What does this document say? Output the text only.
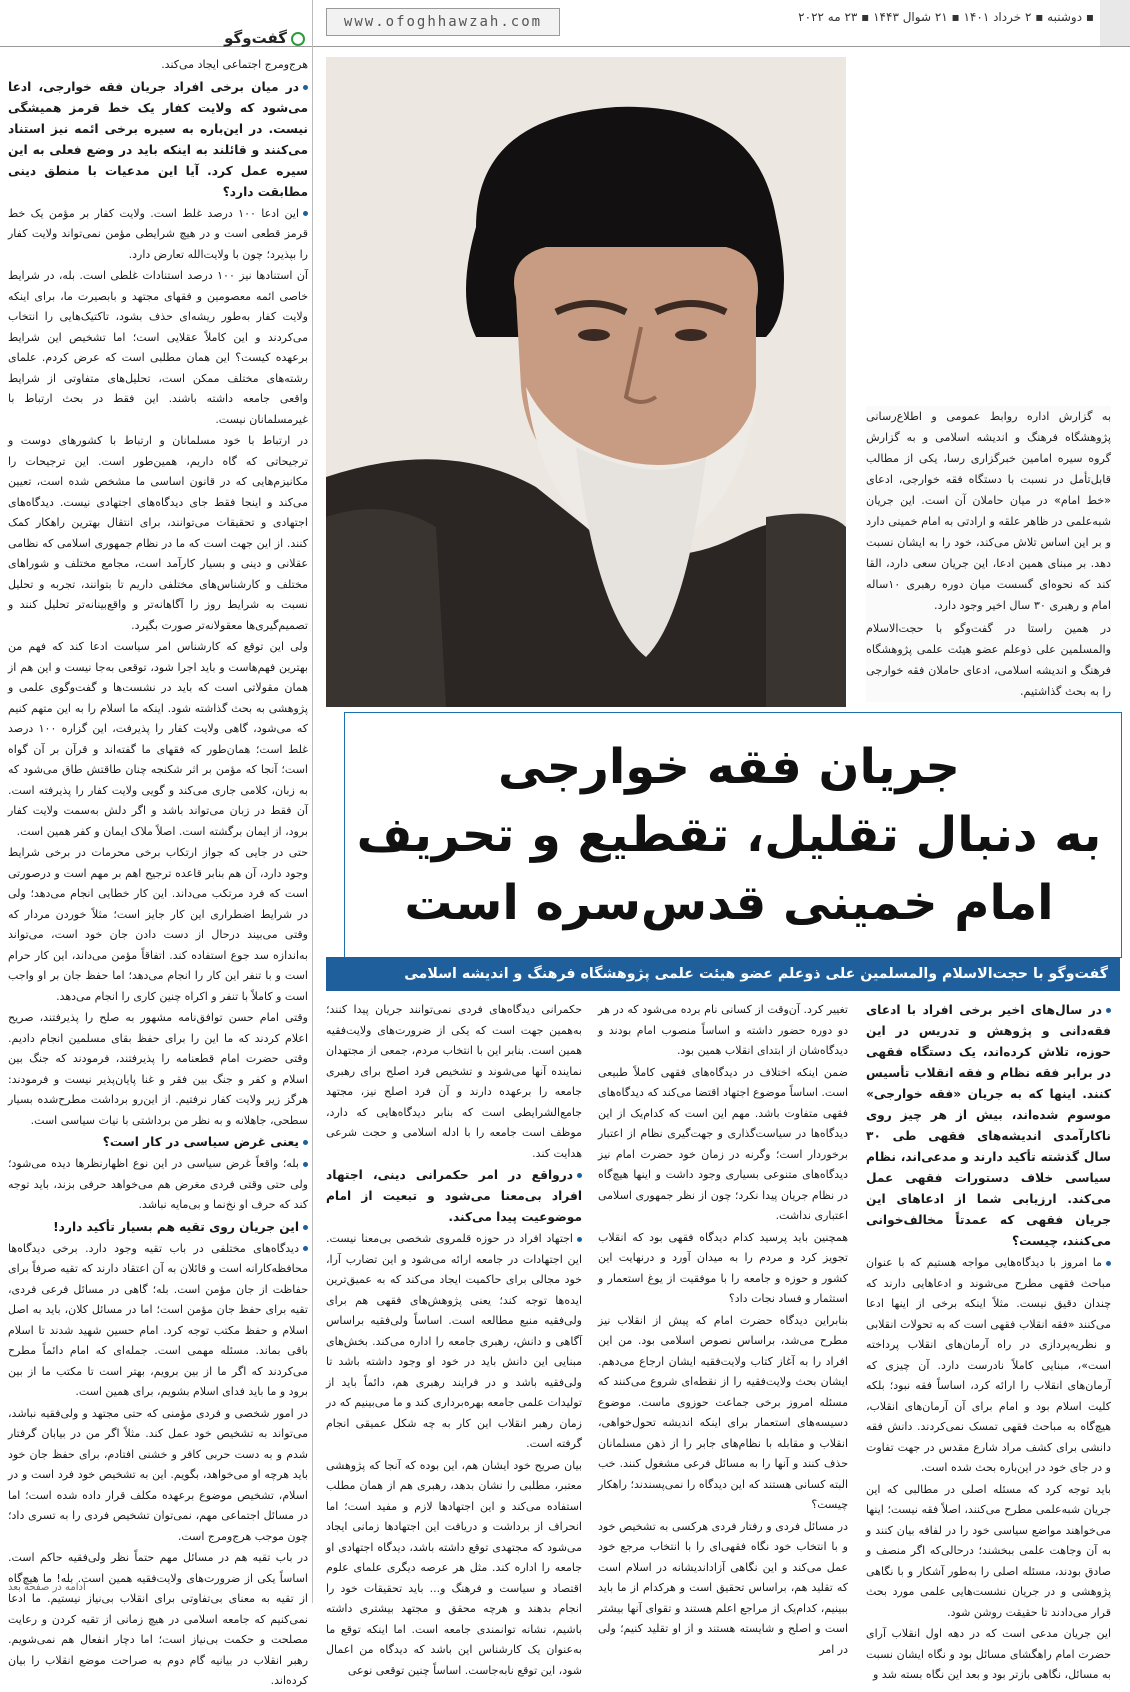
www.ofoghhawzah.com	▪ دوشنبه ▪ ۲ خرداد ۱۴۰۱ ▪ ۲۱ شوال ۱۴۴۳ ▪ ۲۳ مه ۲۰۲۲
گفت‌وگو

به گزارش اداره روابط عمومی و اطلاع‌رسانی پژوهشگاه فرهنگ و اندیشه اسلامی و به گزارش گروه سیره امامین خبرگزاری رسا، یکی از مطالب قابل‌تأمل در نسبت با دستگاه فقه خوارجی، ادعای «خط امام» در میان حاملان آن است. این جریان شبه‌علمی در ظاهر علقه و ارادتی به امام خمینی دارد و بر این اساس تلاش می‌کند، خود را به ایشان نسبت دهد. بر مبنای همین ادعا، این جریان سعی دارد، القا کند که نحوه‌ای گسست میان دوره رهبری ۱۰ساله امام و رهبری ۳۰ سال اخیر وجود دارد.

در همین راستا در گفت‌وگو با حجت‌الاسلام والمسلمین علی ذوعلم عضو هیئت علمی پژوهشگاه فرهنگ و اندیشه اسلامی، ادعای حاملان فقه خوارجی را به بحث گذاشتیم.

جریان فقه خوارجی
به دنبال تقلیل، تقطیع و تحریف
امام خمینی قدس‌سره است
گفت‌وگو با حجت‌الاسلام والمسلمین علی ذوعلم عضو هیئت علمی پژوهشگاه فرهنگ و اندیشه اسلامی

هرج‌ومرج اجتماعی ایجاد می‌کند.

در میان برخی افراد جریان فقه خوارجی، ادعا می‌شود که ولایت کفار یک خط قرمز همیشگی نیست. در این‌باره به سیره برخی ائمه نیز استناد می‌کنند و قائلند به اینکه باید در وضع فعلی به این سیره عمل کرد. آیا این مدعیات با منطق دینی مطابقت دارد؟

این ادعا ۱۰۰ درصد غلط است. ولایت کفار بر مؤمن یک خط قرمز قطعی است و در هیچ شرایطی مؤمن نمی‌تواند ولایت کفار را بپذیرد؛ چون با ولایت‌الله تعارض دارد.

آن استنادها نیز ۱۰۰ درصد استنادات غلطی است. بله، در شرایط خاصی ائمه معصومین و فقهای مجتهد و بابصیرت ما، برای اینکه ولایت کفار به‌طور ریشه‌ای حذف بشود، تاکتیک‌هایی را انتخاب می‌کردند و این کاملاً عقلایی است؛ اما تشخیص این شرایط برعهده کیست؟ این همان مطلبی است که عرض کردم. علمای رشته‌های مختلف ممکن است، تحلیل‌های متفاوتی از شرایط واقعی جامعه داشته باشند. این فقط در بحث ارتباط با غیرمسلمانان نیست.

در ارتباط با خود مسلمانان و ارتباط با کشورهای دوست و ترجیحاتی که گاه داریم، همین‌طور است. این ترجیحات را مکانیزم‌هایی که در قانون اساسی ما مشخص شده است، تعیین می‌کند و اینجا فقط جای دیدگاه‌های اجتهادی نیست. دیدگاه‌های اجتهادی و تحقیقات می‌توانند، برای انتقال بهترین راهکار کمک کنند. از این جهت است که ما در نظام جمهوری اسلامی که نظامی عقلانی و دینی و بسیار کارآمد است، مجامع مختلف و شوراهای مختلف و کارشناس‌های مختلفی داریم تا بتوانند، تجربه و تحلیل نسبت به شرایط روز را آگاهانه‌تر و واقع‌بینانه‌تر تحلیل کنند و تصمیم‌گیری‌ها معقولانه‌تر صورت بگیرد.

ولی این توقع که کارشناس امر سیاست ادعا کند که فهم من بهترین فهم‌هاست و باید اجرا شود، توقعی به‌جا نیست و این هم از همان مقولاتی است که باید در نشست‌ها و گفت‌وگوی علمی و پژوهشی به بحث گذاشته شود. اینکه ما اسلام را به این متهم کنیم که می‌شود، گاهی ولایت کفار را پذیرفت، این گزاره ۱۰۰ درصد غلط است؛ همان‌طور که فقهای ما گفته‌اند و قرآن بر آن گواه است؛ آنجا که مؤمن بر اثر شکنجه چنان طاقتش طاق می‌شود که به زبان، کلامی جاری می‌کند و گویی ولایت کفار را پذیرفته است. آن فقط در زبان می‌تواند باشد و اگر دلش به‌سمت ولایت کفار برود، از ایمان برگشته است. اصلاً ملاک ایمان و کفر همین است.

حتی در جایی که جواز ارتکاب برخی محرمات در برخی شرایط وجود دارد، آن هم بنابر قاعده ترجیح اهم بر مهم است و درصورتی است که فرد مرتکب می‌داند. این کار خطایی انجام می‌دهد؛ ولی در شرایط اضطراری این کار جایز است؛ مثلاً خوردن مردار که وقتی می‌بیند درحال از دست دادن جان خود است، می‌تواند به‌اندازه سد جوع استفاده کند. اتفاقاً مؤمن می‌داند، این کار حرام است و با تنفر این کار را انجام می‌دهد؛ اما حفظ جان بر او واجب است و کاملاً با تنفر و اکراه چنین کاری را انجام می‌دهد.

وقتی امام حسن توافق‌نامه مشهور به صلح را پذیرفتند، صریح اعلام کردند که ما این را برای حفظ بقای مسلمین انجام دادیم. وقتی حضرت امام قطعنامه را پذیرفتند، فرمودند که جنگ بین اسلام و کفر و جنگ بین فقر و غنا پایان‌پذیر نیست و فرمودند: هرگز زیر ولایت کفار نرفتیم. از این‌رو برداشت مطرح‌شده بسیار سطحی، جاهلانه و به نظر من برداشتی با نیات سیاسی است.

یعنی غرض سیاسی در کار است؟

بله؛ واقعاً غرض سیاسی در این نوع اظهارنظرها دیده می‌شود؛ ولی حتی وقتی فردی مغرض هم می‌خواهد حرفی بزند، باید توجه کند که حرف او نخ‌نما و بی‌مایه نباشد.

این جریان روی تقیه هم بسیار تأکید دارد!

دیدگاه‌های مختلفی در باب تقیه وجود دارد. برخی دیدگاه‌ها محافظه‌کارانه است و قائلان به آن اعتقاد دارند که تقیه صرفاً برای حفاظت از جان مؤمن است. بله؛ گاهی در مسائل فرعی فردی، تقیه برای حفظ جان مؤمن است؛ اما در مسائل کلان، باید به اصل اسلام و حفظ مکتب توجه کرد. امام حسین شهید شدند تا اسلام باقی بماند. مسئله مهمی است. جمله‌ای که امام دائماً مطرح می‌کردند که اگر ما از بین برویم، بهتر است تا مکتب ما از بین برود و ما باید فدای اسلام بشویم، برای همین است.

در امور شخصی و فردی مؤمنی که حتی مجتهد و ولی‌فقیه نباشد، می‌تواند به تشخیص خود عمل کند. مثلاً اگر من در بیابان گرفتار شدم و به دست حربی کافر و خشنی افتادم، برای حفظ جان خود باید هرچه او می‌خواهد، بگویم. این به تشخیص خود فرد است و در اسلام، تشخیص موضوع برعهده مکلف قرار داده شده است؛ اما در مسائل اجتماعی مهم، نمی‌توان تشخیص فردی را به تسری داد؛ چون موجب هرج‌ومرج است.

در باب تقیه هم در مسائل مهم حتماً نظر ولی‌فقیه حاکم است. اساساً یکی از ضرورت‌های ولایت‌فقیه همین است. بله! ما هیچ‌گاه از تقیه به معنای بی‌تفاوتی برای انقلاب بی‌نیاز نیستیم. ما ادعا نمی‌کنیم که جامعه اسلامی در هیچ زمانی از تقیه کردن و رعایت مصلحت و حکمت بی‌نیاز است؛ اما دچار انفعال هم نمی‌شویم. رهبر انقلاب در بیانیه گام دوم به صراحت موضع انقلاب را بیان کرده‌اند.

ادامه در صفحه بعد

در سال‌های اخیر برخی افراد با ادعای فقه‌دانی و پژوهش و تدریس در این حوزه، تلاش کرده‌اند، یک دستگاه فقهی در برابر فقه نظام و فقه انقلاب تأسیس کنند. اینها که به جریان «فقه خوارجی» موسوم شده‌اند، بیش از هر چیز روی ناکارآمدی اندیشه‌های فقهی طی ۳۰ سال گذشته تأکید دارند و مدعی‌اند، نظام سیاسی خلاف دستورات فقهی عمل می‌کند. ارزیابی شما از ادعاهای این جریان فقهی که عمدتاً مخالف‌خوانی می‌کنند، چیست؟

ما امروز با دیدگاه‌هایی مواجه هستیم که با عنوان مباحث فقهی مطرح می‌شوند و ادعاهایی دارند که چندان دقیق نیست. مثلاً اینکه برخی از اینها ادعا می‌کنند «فقه انقلاب فقهی است که به تحولات انقلابی و نظریه‌پردازی در راه آرمان‌های انقلاب پرداخته است»، مبنایی کاملاً نادرست دارد. آن چیزی که آرمان‌های انقلاب را ارائه کرد، اساساً فقه نبود؛ بلکه کلیت اسلام بود و امام برای آن آرمان‌های انقلاب، هیچ‌گاه به مباحث فقهی تمسک نمی‌کردند. دانش فقه دانشی برای کشف مراد شارع مقدس در جهت تفاوت و در جای خود در این‌باره بحث شده است.

باید توجه کرد که مسئله اصلی در مطالبی که این جریان شبه‌علمی مطرح می‌کنند، اصلاً فقه نیست؛ اینها می‌خواهند مواضع سیاسی خود را در لفافه بیان کنند و به آن وجاهت علمی ببخشند؛ درحالی‌که اگر منصف و صادق بودند، مسئله اصلی را به‌طور آشکار و با نگاهی پژوهشی و در جریان نشست‌هایی علمی مورد بحث قرار می‌دادند تا حقیقت روشن شود.

این جریان مدعی است که در دهه اول انقلاب آرای حضرت امام راهگشای مسائل بود و نگاه ایشان نسبت به مسائل، نگاهی بازتر بود و بعد این نگاه بسته شد و

تغییر کرد. آن‌وقت از کسانی نام برده می‌شود که در هر دو دوره حضور داشته و اساساً منصوب امام بودند و دیدگاه‌شان از ابتدای انقلاب همین بود.

ضمن اینکه اختلاف در دیدگاه‌های فقهی کاملاً طبیعی است. اساساً موضوع اجتهاد اقتضا می‌کند که دیدگاه‌های فقهی متفاوت باشد. مهم این است که کدام‌یک از این دیدگاه‌ها در سیاست‌گذاری و جهت‌گیری نظام از اعتبار برخوردار است؛ وگرنه در زمان خود حضرت امام نیز دیدگاه‌های متنوعی بسیاری وجود داشت و اینها هیچ‌گاه در نظام جریان پیدا نکرد؛ چون از نظر جمهوری اسلامی اعتباری نداشت.

همچنین باید پرسید کدام دیدگاه فقهی بود که انقلاب تجویز کرد و مردم را به میدان آورد و درنهایت این کشور و حوزه و جامعه را با موفقیت از یوغ استعمار و استثمار و فساد نجات داد؟

بنابراین دیدگاه حضرت امام که پیش از انقلاب نیز مطرح می‌شد، براساس نصوص اسلامی بود. من این افراد را به آغاز کتاب ولایت‌فقیه ایشان ارجاع می‌دهم. ایشان بحث ولایت‌فقیه را از نقطه‌ای شروع می‌کنند که مسئله امروز برخی جماعت حوزوی ماست. موضوع دسیسه‌های استعمار برای اینکه اندیشه تحول‌خواهی، انقلاب و مقابله با نظام‌های جابر را از ذهن مسلمانان حذف کنند و آنها را به مسائل فرعی مشغول کنند. خب البته کسانی هستند که این دیدگاه را نمی‌پسندند؛ راهکار چیست؟

در مسائل فردی و رفتار فردی هرکسی به تشخیص خود و با انتخاب خود نگاه فقهی‌ای را با انتخاب مرجع خود عمل می‌کند و این نگاهی آزاداندیشانه در اسلام است که تقلید هم، براساس تحقیق است و هرکدام از ما باید ببینیم، کدام‌یک از مراجع اعلم هستند و تقوای آنها بیشتر است و اصلح و شایسته هستند و از او تقلید کنیم؛ ولی در امر

حکمرانی دیدگاه‌های فردی نمی‌توانند جریان پیدا کنند؛ به‌همین جهت است که یکی از ضرورت‌های ولایت‌فقیه همین است. بنابر این با انتخاب مردم، جمعی از مجتهدان نماینده آنها می‌شوند و تشخیص فرد اصلح برای رهبری جامعه را برعهده دارند و آن فرد اصلح نیز، مجتهد جامع‌الشرایطی است که بنابر دیدگاه‌هایی که دارد، موظف است جامعه را با ادله اسلامی و حجت شرعی هدایت کند.

درواقع در امر حکمرانی دینی، اجتهاد افراد بی‌معنا می‌شود و تبعیت از امام موضوعیت پیدا می‌کند.

اجتهاد افراد در حوزه قلمروی شخصی بی‌معنا نیست. این اجتهادات در جامعه ارائه می‌شود و این تضارب آرا، خود مجالی برای حاکمیت ایجاد می‌کند که به عمیق‌ترین ایده‌ها توجه کند؛ یعنی پژوهش‌های فقهی هم برای ولی‌فقیه منبع مطالعه است. اساساً ولی‌فقیه براساس آگاهی و دانش، رهبری جامعه را اداره می‌کند. بخش‌های مبنایی این دانش باید در خود او وجود داشته باشد تا ولی‌فقیه باشد و در فرایند رهبری هم، دائماً باید از تولیدات علمی جامعه بهره‌برداری کند و ما می‌بینیم که در زمان رهبر انقلاب این کار به چه شکل عمیقی انجام گرفته است.

بیان صریح خود ایشان هم، این بوده که آنجا که پژوهشی معتبر، مطلبی را نشان بدهد، رهبری هم از همان مطلب استفاده می‌کند و این اجتهادها لازم و مفید است؛ اما انحراف از برداشت و دریافت این اجتهادها زمانی ایجاد می‌شود که مجتهدی توقع داشته باشد، دیدگاه اجتهادی او جامعه را اداره کند. مثل هر عرصه دیگری علمای علوم اقتصاد و سیاست و فرهنگ و... باید تحقیقات خود را انجام بدهند و هرچه محقق و مجتهد بیشتری داشته باشیم، نشانه توانمندی جامعه است. اما اینکه توقع ما به‌عنوان یک کارشناس این باشد که دیدگاه من اعمال شود، این توقع نابه‌جاست. اساساً چنین توقعی نوعی
